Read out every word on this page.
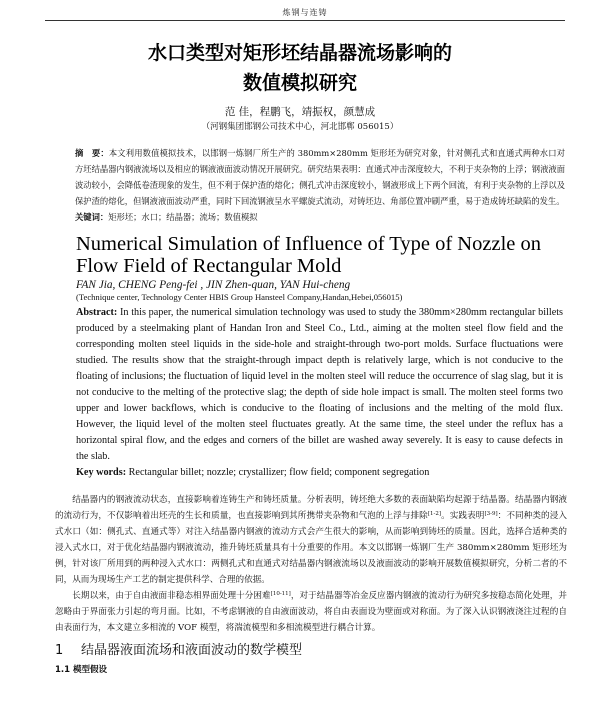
炼钢与连铸
水口类型对矩形坯结晶器流场影响的
数值模拟研究
范 佳，程鹏飞，靖振权，颜慧成
（河钢集团邯钢公司技术中心，河北邯郸 056015）
摘　要：本文利用数值模拟技术，以邯钢一炼钢厂所生产的 380mm×280mm 矩形坯为研究对象，针对侧孔式和直通式两种水口对方坯结晶器内钢液流场以及相应的钢液液面波动情况开展研究。研究结果表明：直通式冲击深度较大，不利于夹杂物的上浮；钢液液面波动较小，会降低卷渣现象的发生，但不利于保护渣的熔化；侧孔式冲击深度较小，钢液形成上下两个回流，有利于夹杂物的上浮以及保护渣的熔化，但钢液液面波动严重，同时下回流钢液呈水平螺旋式流动，对铸坯边、角部位置冲刷严重，易于造成铸坯缺陷的发生。
关键词：矩形坯；水口；结晶器；流场；数值模拟
Numerical Simulation of Influence of Type of Nozzle on Flow Field of Rectangular Mold
FAN Jia, CHENG Peng-fei , JIN Zhen-quan, YAN Hui-cheng
(Technique center, Technology Center HBIS Group Hansteel Company,Handan,Hebei,056015)
Abstract: In this paper, the numerical simulation technology was used to study the 380mm×280mm rectangular billets produced by a steelmaking plant of Handan Iron and Steel Co., Ltd., aiming at the molten steel flow field and the corresponding molten steel liquids in the side-hole and straight-through two-port molds. Surface fluctuations were studied. The results show that the straight-through impact depth is relatively large, which is not conducive to the floating of inclusions; the fluctuation of liquid level in the molten steel will reduce the occurrence of slag slag, but it is not conducive to the melting of the protective slag; the depth of side hole impact is small. The molten steel forms two upper and lower backflows, which is conducive to the floating of inclusions and the melting of the mold flux. However, the liquid level of the molten steel fluctuates greatly. At the same time, the steel under the reflux has a horizontal spiral flow, and the edges and corners of the billet are washed away severely. It is easy to cause defects in the slab.
Key words: Rectangular billet; nozzle; crystallizer; flow field; component segregation

结晶器内的钢液流动状态，直接影响着连铸生产和铸坯质量。分析表明，铸坯绝大多数的表面缺陷均起源于结晶器。结晶器内钢液的流动行为，不仅影响着出坯壳的生长和质量，也直接影响到其所携带夹杂物和气泡的上浮与排除[1-2]。实践表明[3-9]：不同种类的浸入式水口（如：侧孔式、直通式等）对注入结晶器内钢液的流动方式会产生很大的影响，从而影响到铸坯的质量。因此，选择合适种类的浸入式水口，对于优化结晶器内钢液流动，推升铸坯质量具有十分重要的作用。本文以邯钢一炼钢厂生产 380mm×280mm 矩形坯为例，针对该厂所用到的两种浸入式水口：两侧孔式和直通式对结晶器内钢液流场以及液面波动的影响开展数值模拟研究，分析二者的不同，从而为现场生产工艺的制定提供科学、合理的依据。

长期以来，由于自由液面非稳态相界面处理十分困难[10-11]，对于结晶器等冶金反应器内钢液的流动行为研究多按稳态简化处理，并忽略由于界面张力引起的弯月面。比如，不考虑钢液的自由液面波动，将自由表面设为壁面或对称面。为了深入认识钢液浇注过程的自由表面行为，本文建立多相流的 VOF 模型，将湍流模型和多相流模型进行耦合计算。

1 结晶器液面流场和液面波动的数学模型
1.1 模型假设
